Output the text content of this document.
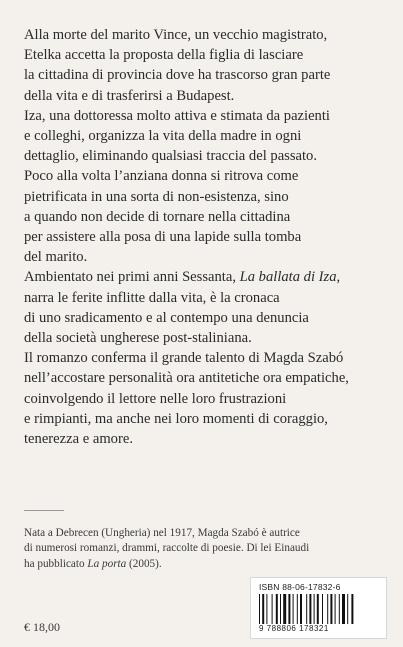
Alla morte del marito Vince, un vecchio magistrato,
Etelka accetta la proposta della figlia di lasciare
la cittadina di provincia dove ha trascorso gran parte
della vita e di trasferirsi a Budapest.
Iza, una dottoressa molto attiva e stimata da pazienti
e colleghi, organizza la vita della madre in ogni
dettaglio, eliminando qualsiasi traccia del passato.
Poco alla volta l’anziana donna si ritrova come
pietrificata in una sorta di non-esistenza, sino
a quando non decide di tornare nella cittadina
per assistere alla posa di una lapide sulla tomba
del marito.
Ambientato nei primi anni Sessanta, La ballata di Iza,
narra le ferite inflitte dalla vita, è la cronaca
di uno sradicamento e al contempo una denuncia
della società ungherese post-staliniana.
Il romanzo conferma il grande talento di Magda Szabó
nell’accostare personalità ora antitetiche ora empatiche,
coinvolgendo il lettore nelle loro frustrazioni
e rimpianti, ma anche nei loro momenti di coraggio,
tenerezza e amore.
Nata a Debrecen (Ungheria) nel 1917, Magda Szabó è autrice
di numerosi romanzi, drammi, raccolte di poesie. Di lei Einaudi
ha pubblicato La porta (2005).
ISBN 88-06-17832-6
9 788806 178321
€ 18,00
